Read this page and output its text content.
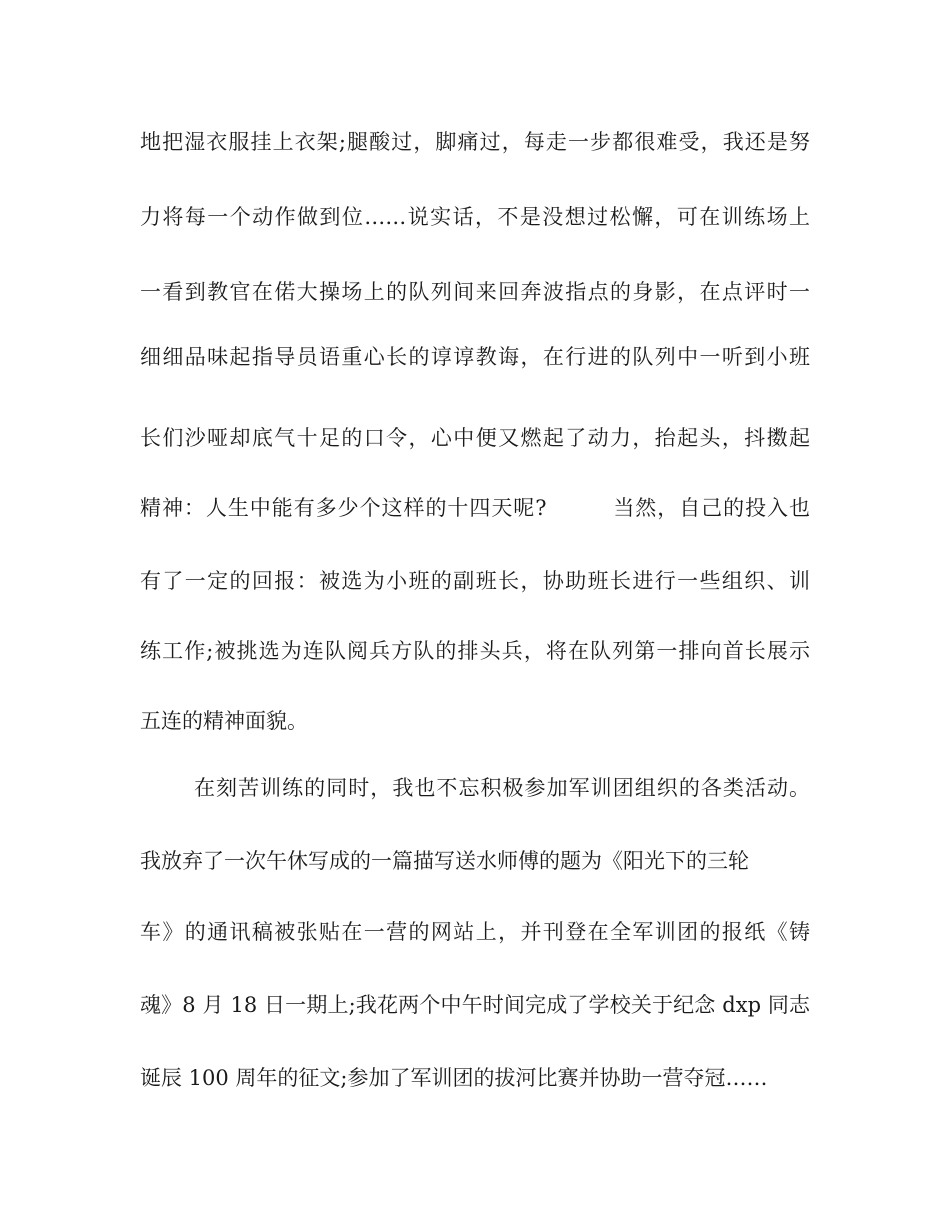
地把湿衣服挂上衣架;腿酸过，脚痛过，每走一步都很难受，我还是努
力将每一个动作做到位……说实话，不是没想过松懈，可在训练场上
一看到教官在偌大操场上的队列间来回奔波指点的身影，在点评时一
细细品味起指导员语重心长的谆谆教诲，在行进的队列中一听到小班
长们沙哑却底气十足的口令，心中便又燃起了动力，抬起头，抖擞起
精神：人生中能有多少个这样的十四天呢?　　　当然，自己的投入也
有了一定的回报：被选为小班的副班长，协助班长进行一些组织、训
练工作;被挑选为连队阅兵方队的排头兵，将在队列第一排向首长展示
五连的精神面貌。
在刻苦训练的同时，我也不忘积极参加军训团组织的各类活动。
我放弃了一次午休写成的一篇描写送水师傅的题为《阳光下的三轮
车》的通讯稿被张贴在一营的网站上，并刊登在全军训团的报纸《铸
魂》8 月 18 日一期上;我花两个中午时间完成了学校关于纪念 dxp 同志
诞辰 100 周年的征文;参加了军训团的拔河比赛并协助一营夺冠……
